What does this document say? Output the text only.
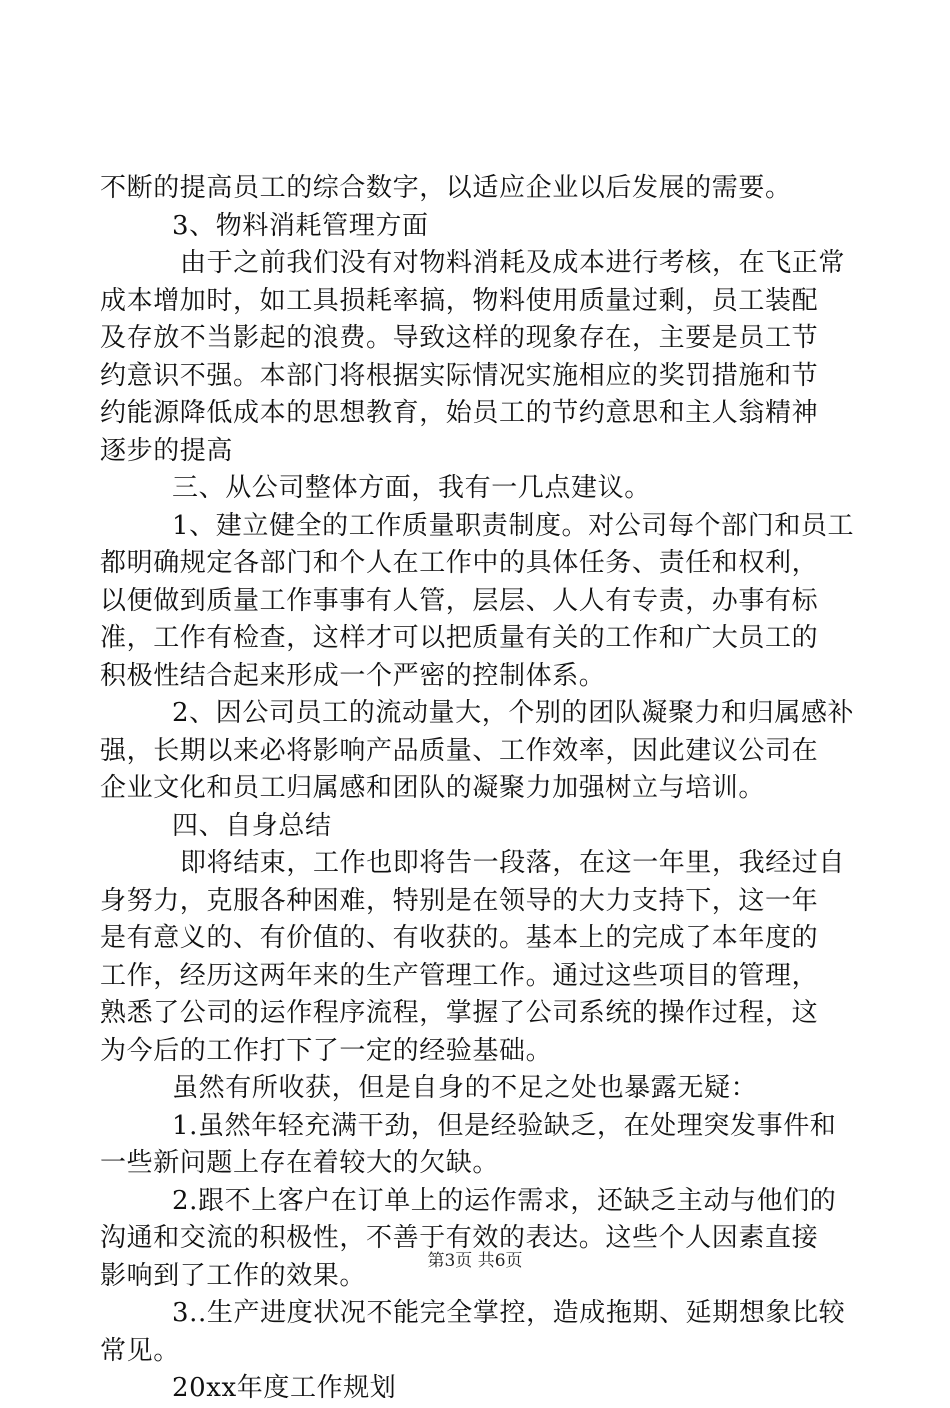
不断的提高员工的综合数字，以适应企业以后发展的需要。
3、物料消耗管理方面
由于之前我们没有对物料消耗及成本进行考核，在飞正常
成本增加时，如工具损耗率搞，物料使用质量过剩，员工装配
及存放不当影起的浪费。导致这样的现象存在，主要是员工节
约意识不强。本部门将根据实际情况实施相应的奖罚措施和节
约能源降低成本的思想教育，始员工的节约意思和主人翁精神
逐步的提高
三、从公司整体方面，我有一几点建议。
1、建立健全的工作质量职责制度。对公司每个部门和员工
都明确规定各部门和个人在工作中的具体任务、责任和权利，
以便做到质量工作事事有人管，层层、人人有专责，办事有标
准，工作有检查，这样才可以把质量有关的工作和广大员工的
积极性结合起来形成一个严密的控制体系。
2、因公司员工的流动量大，个别的团队凝聚力和归属感补
强，长期以来必将影响产品质量、工作效率，因此建议公司在
企业文化和员工归属感和团队的凝聚力加强树立与培训。
四、自身总结
即将结束，工作也即将告一段落，在这一年里，我经过自
身努力，克服各种困难，特别是在领导的大力支持下，这一年
是有意义的、有价值的、有收获的。基本上的完成了本年度的
工作，经历这两年来的生产管理工作。通过这些项目的管理，
熟悉了公司的运作程序流程，掌握了公司系统的操作过程，这
为今后的工作打下了一定的经验基础。
虽然有所收获，但是自身的不足之处也暴露无疑：
1.虽然年轻充满干劲，但是经验缺乏，在处理突发事件和
一些新问题上存在着较大的欠缺。
2.跟不上客户在订单上的运作需求，还缺乏主动与他们的
沟通和交流的积极性，不善于有效的表达。这些个人因素直接
影响到了工作的效果。
3..生产进度状况不能完全掌控，造成拖期、延期想象比较
常见。
20xx年度工作规划
第3页 共6页
